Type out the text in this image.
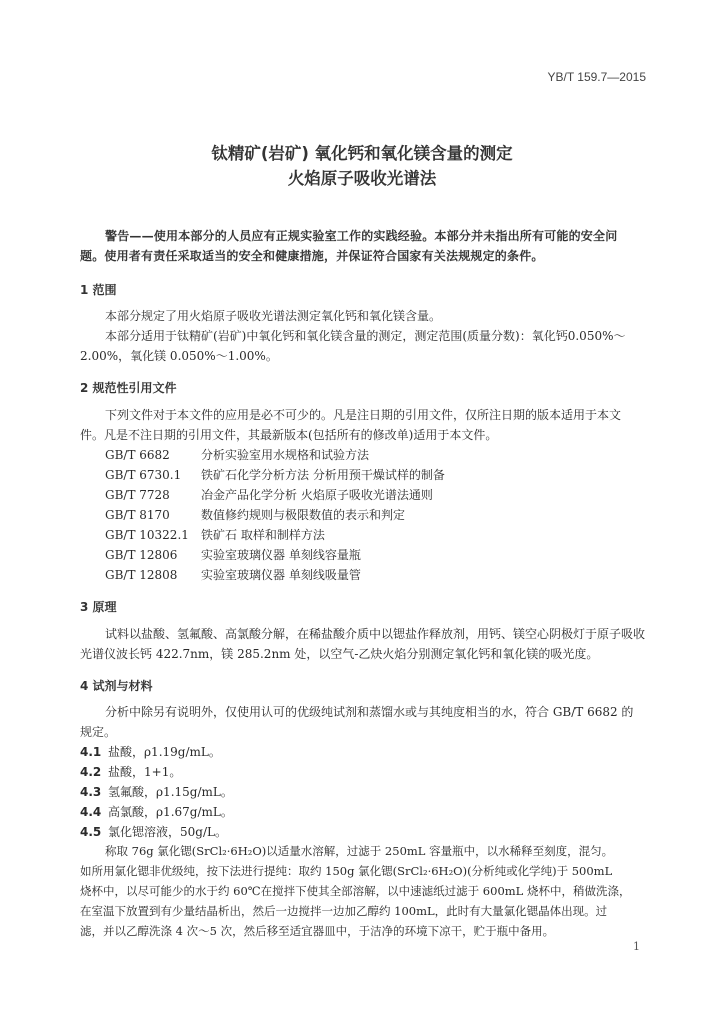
YB/T 159.7—2015
钛精矿(岩矿) 氧化钙和氧化镁含量的测定
火焰原子吸收光谱法
警告——使用本部分的人员应有正规实验室工作的实践经验。本部分并未指出所有可能的安全问
题。使用者有责任采取适当的安全和健康措施，并保证符合国家有关法规规定的条件。
1 范围
本部分规定了用火焰原子吸收光谱法测定氧化钙和氧化镁含量。
本部分适用于钛精矿(岩矿)中氧化钙和氧化镁含量的测定，测定范围(质量分数)：氧化钙0.050%～
2.00%，氧化镁 0.050%～1.00%。
2 规范性引用文件
下列文件对于本文件的应用是必不可少的。凡是注日期的引用文件，仅所注日期的版本适用于本文
件。凡是不注日期的引用文件，其最新版本(包括所有的修改单)适用于本文件。
GB/T 6682	分析实验室用水规格和试验方法
GB/T 6730.1 铁矿石化学分析方法 分析用预干燥试样的制备
GB/T 7728	冶金产品化学分析 火焰原子吸收光谱法通则
GB/T 8170	数值修约规则与极限数值的表示和判定
GB/T 10322.1 铁矿石 取样和制样方法
GB/T 12806 实验室玻璃仪器 单刻线容量瓶
GB/T 12808 实验室玻璃仪器 单刻线吸量管
3 原理
试料以盐酸、氢氟酸、高氯酸分解，在稀盐酸介质中以锶盐作释放剂，用钙、镁空心阴极灯于原子吸收
光谱仪波长钙 422.7nm，镁 285.2nm 处，以空气-乙炔火焰分别测定氧化钙和氧化镁的吸光度。
4 试剂与材料
分析中除另有说明外，仅使用认可的优级纯试剂和蒸馏水或与其纯度相当的水，符合 GB/T 6682 的
规定。
4.1 盐酸，ρ1.19g/mL。
4.2 盐酸，1+1。
4.3 氢氟酸，ρ1.15g/mL。
4.4 高氯酸，ρ1.67g/mL。
4.5 氯化锶溶液，50g/L。
称取 76g 氯化锶(SrCl₂·6H₂O)以适量水溶解，过滤于 250mL 容量瓶中，以水稀释至刻度，混匀。
如所用氯化锶非优级纯，按下法进行提纯：取约 150g 氯化锶(SrCl₂·6H₂O)(分析纯或化学纯)于 500mL
烧杯中，以尽可能少的水于约 60℃在搅拌下使其全部溶解，以中速滤纸过滤于 600mL 烧杯中，稍做洗涤，
在室温下放置到有少量结晶析出，然后一边搅拌一边加乙醇约 100mL，此时有大量氯化锶晶体出现。过
滤，并以乙醇洗涤 4 次～5 次，然后移至适宜器皿中，于洁净的环境下凉干，贮于瓶中备用。
1
